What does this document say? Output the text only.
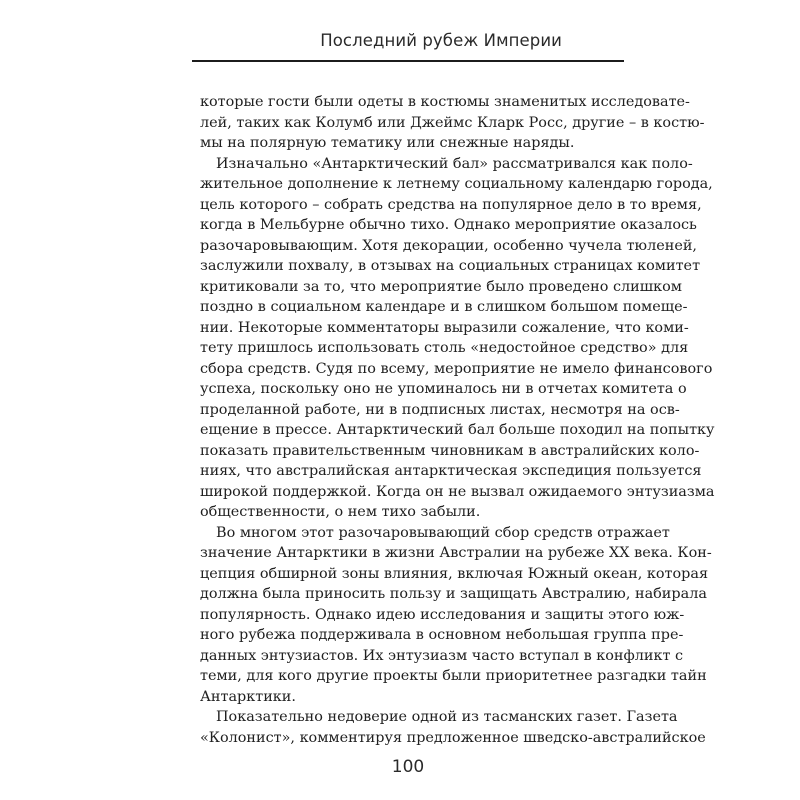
Последний рубеж Империи
которые гости были одеты в костюмы знаменитых исследовате-
лей, таких как Колумб или Джеймс Кларк Росс, другие – в костю-
мы на полярную тематику или снежные наряды.
Изначально «Антарктический бал» рассматривался как поло-
жительное дополнение к летнему социальному календарю города,
цель которого – собрать средства на популярное дело в то время,
когда в Мельбурне обычно тихо. Однако мероприятие оказалось
разочаровывающим. Хотя декорации, особенно чучела тюленей,
заслужили похвалу, в отзывах на социальных страницах комитет
критиковали за то, что мероприятие было проведено слишком
поздно в социальном календаре и в слишком большом помеще-
нии. Некоторые комментаторы выразили сожаление, что коми-
тету пришлось использовать столь «недостойное средство» для
сбора средств. Судя по всему, мероприятие не имело финансового
успеха, поскольку оно не упоминалось ни в отчетах комитета о
проделанной работе, ни в подписных листах, несмотря на осв-
ещение в прессе. Антарктический бал больше походил на попытку
показать правительственным чиновникам в австралийских коло-
ниях, что австралийская антарктическая экспедиция пользуется
широкой поддержкой. Когда он не вызвал ожидаемого энтузиазма
общественности, о нем тихо забыли.
Во многом этот разочаровывающий сбор средств отражает
значение Антарктики в жизни Австралии на рубеже XX века. Кон-
цепция обширной зоны влияния, включая Южный океан, которая
должна была приносить пользу и защищать Австралию, набирала
популярность. Однако идею исследования и защиты этого юж-
ного рубежа поддерживала в основном небольшая группа пре-
данных энтузиастов. Их энтузиазм часто вступал в конфликт с
теми, для кого другие проекты были приоритетнее разгадки тайн
Антарктики.
Показательно недоверие одной из тасманских газет. Газета
«Колонист», комментируя предложенное шведско-австралийское
100
